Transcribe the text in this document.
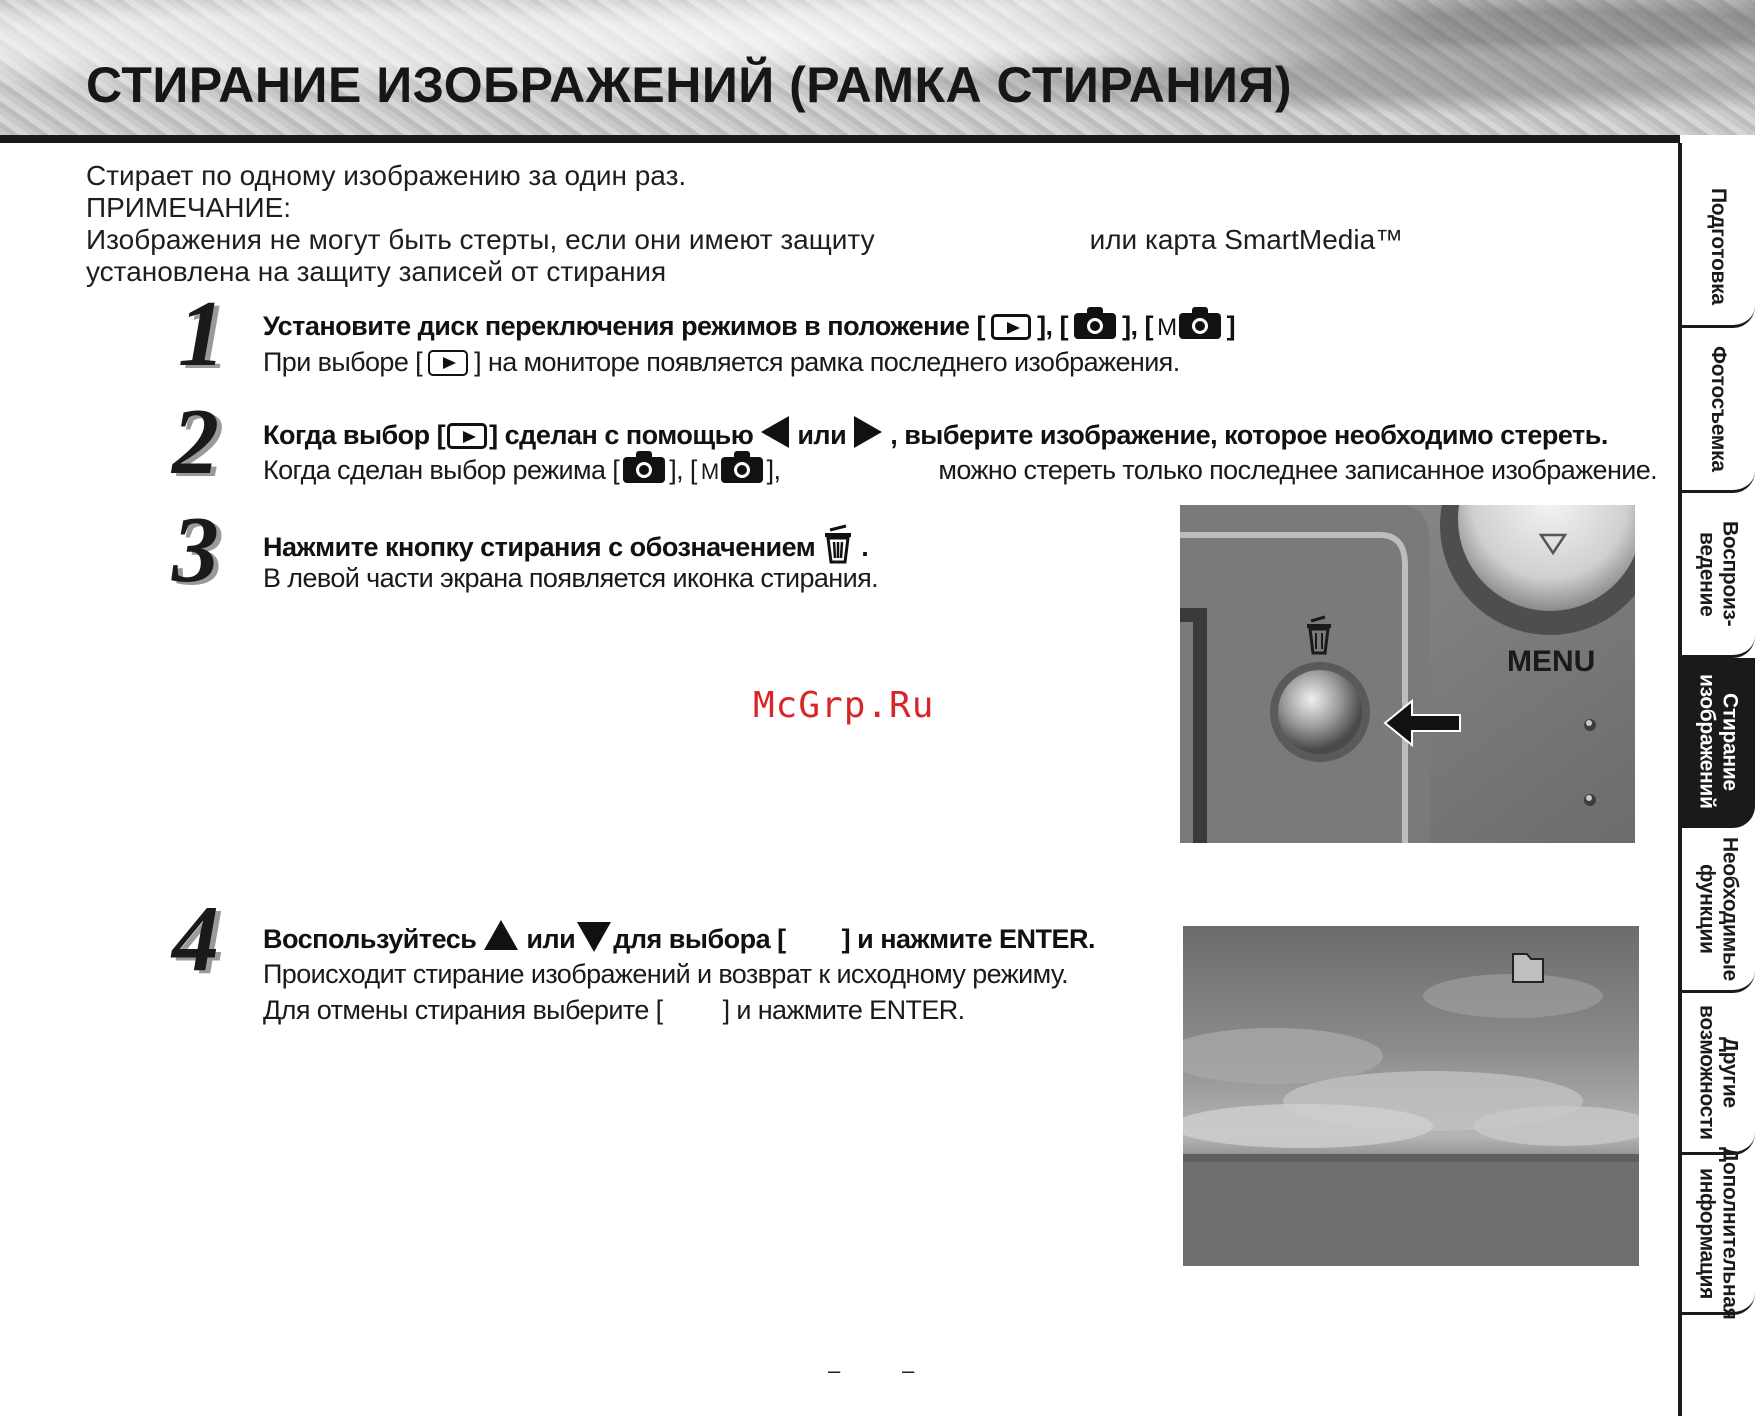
СТИРАНИЕ ИЗОБРАЖЕНИЙ (РАМКА СТИРАНИЯ)
Стирает по одному изображению за один раз.
ПРИМЕЧАНИЕ:
Изображения не могут быть стерты, если они имеют защиту	или карта SmartMedia™
установлена на защиту записей от стирания
1 Установите диск переключения режимов в положение [ ], [ ], [ M ]
При выборе [ ] на мониторе появляется рамка последнего изображения.
2 Когда выбор [ ] сделан с помощью или , выберите изображение, которое необходимо стереть.
Когда сделан выбор режима [ ], [ M ],	можно стереть только последнее записанное изображение.
3 Нажмите кнопку стирания с обозначением .
В левой части экрана появляется иконка стирания.
MENU
McGrp.Ru
4 Воспользуйтесь или для выбора [ ] и нажмите ENTER.
Происходит стирание изображений и возврат к исходному режиму.
Для отмены стирания выберите [ ] и нажмите ENTER.
Подготовка
Фотосъемка
Воспроиз-
ведение
Стирание
изображений
Необходимые
функции
Другие
возможности
Дополнительная
информация
–	–
